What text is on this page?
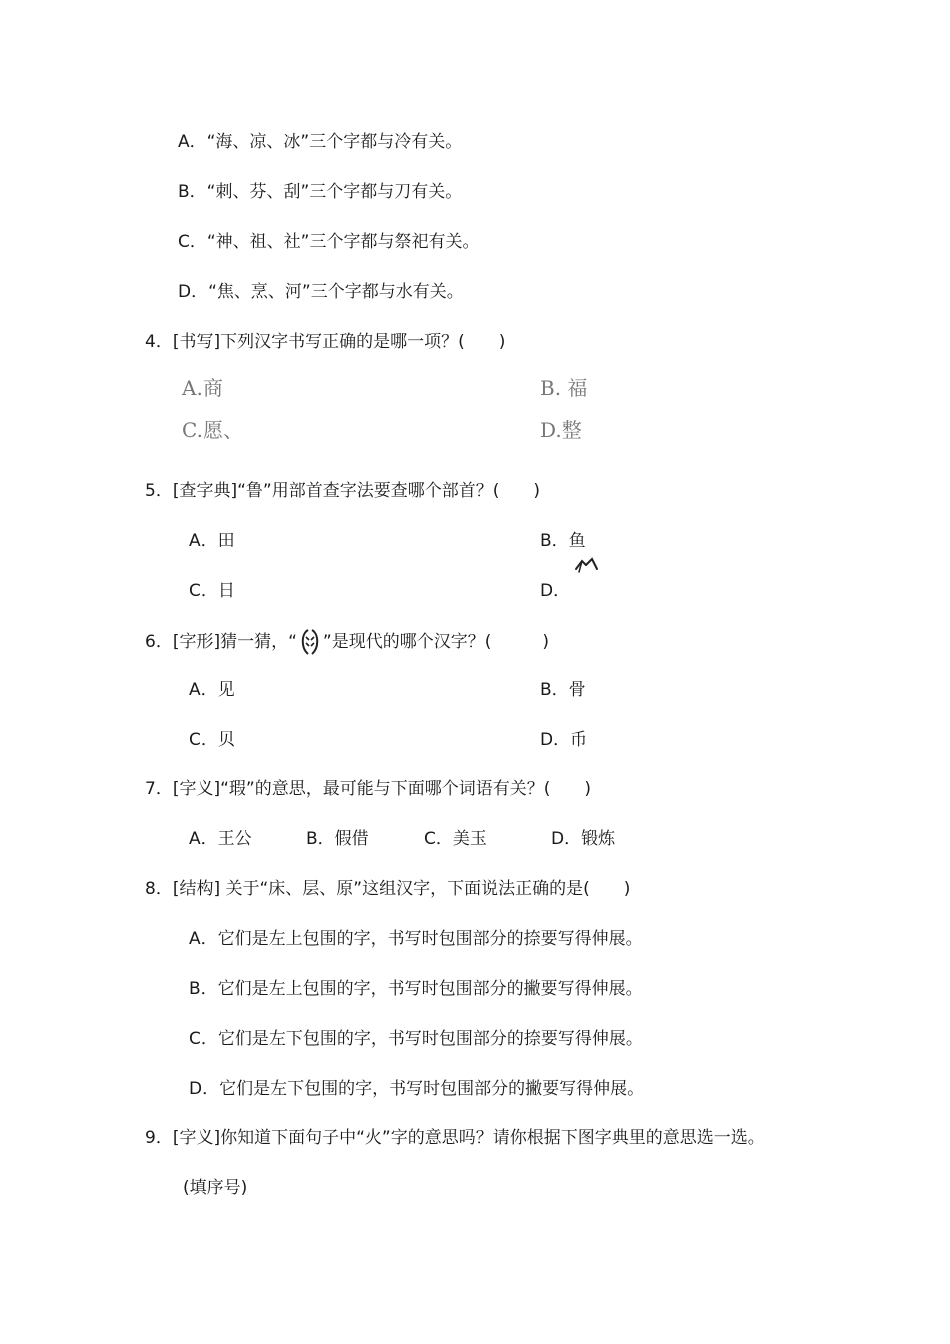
A．“海、凉、冰”三个字都与冷有关。
B．“刺、芬、刮”三个字都与刀有关。
C．“神、祖、社”三个字都与祭祀有关。
D．“焦、烹、河”三个字都与水有关。
4．[书写]下列汉字书写正确的是哪一项？(　　)
A.商	B. 福
C.愿、	D.整
5．[查字典]“鲁”用部首查字法要查哪个部首？(　　)
A．田	B．鱼
C．日	D．
6．[字形]猜一猜，“ ”是现代的哪个汉字？(　　　)
A．见	B．骨
C．贝	D．币
7．[字义]“瑕”的意思，最可能与下面哪个词语有关？(　　)
A．王公	B．假借	C．美玉	D．锻炼
8．[结构] 关于“床、层、原”这组汉字，下面说法正确的是(　　)
A．它们是左上包围的字，书写时包围部分的捺要写得伸展。
B．它们是左上包围的字，书写时包围部分的撇要写得伸展。
C．它们是左下包围的字，书写时包围部分的捺要写得伸展。
D．它们是左下包围的字，书写时包围部分的撇要写得伸展。
9．[字义]你知道下面句子中“火”字的意思吗？请你根据下图字典里的意思选一选。
(填序号)
